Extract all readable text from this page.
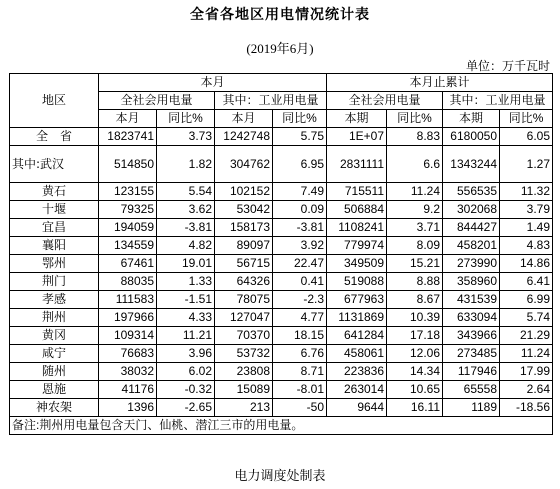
全省各地区用电情况统计表
(2019年6月)
单位：万千瓦时
地区	本月				本月止累计			
	全社会用电量		其中：工业用电量		全社会用电量		其中：工业用电量	
	本月	同比%	本月	同比%	本期	同比%	本期	同比%
全　省	1823741	3.73	1242748	5.75	1E+07	8.83	6180050	6.05
其中:武汉	514850	1.82	304762	6.95	2831111	6.6	1343244	1.27
黄石	123155	5.54	102152	7.49	715511	11.24	556535	11.32
十堰	79325	3.62	53042	0.09	506884	9.2	302068	3.79
宜昌	194059	-3.81	158173	-3.81	1108241	3.71	844427	1.49
襄阳	134559	4.82	89097	3.92	779974	8.09	458201	4.83
鄂州	67461	19.01	56715	22.47	349509	15.21	273990	14.86
荆门	88035	1.33	64326	0.41	519088	8.88	358960	6.41
孝感	111583	-1.51	78075	-2.3	677963	8.67	431539	6.99
荆州	197966	4.33	127047	4.77	1131869	10.39	633094	5.74
黄冈	109314	11.21	70370	18.15	641284	17.18	343966	21.29
咸宁	76683	3.96	53732	6.76	458061	12.06	273485	11.24
随州	38032	6.02	23808	8.71	223836	14.34	117946	17.99
恩施	41176	-0.32	15089	-8.01	263014	10.65	65558	2.64
神农架	1396	-2.65	213	-50	9644	16.11	1189	-18.56
备注:荆州用电量包含天门、仙桃、潜江三市的用电量。								
电力调度处制表
